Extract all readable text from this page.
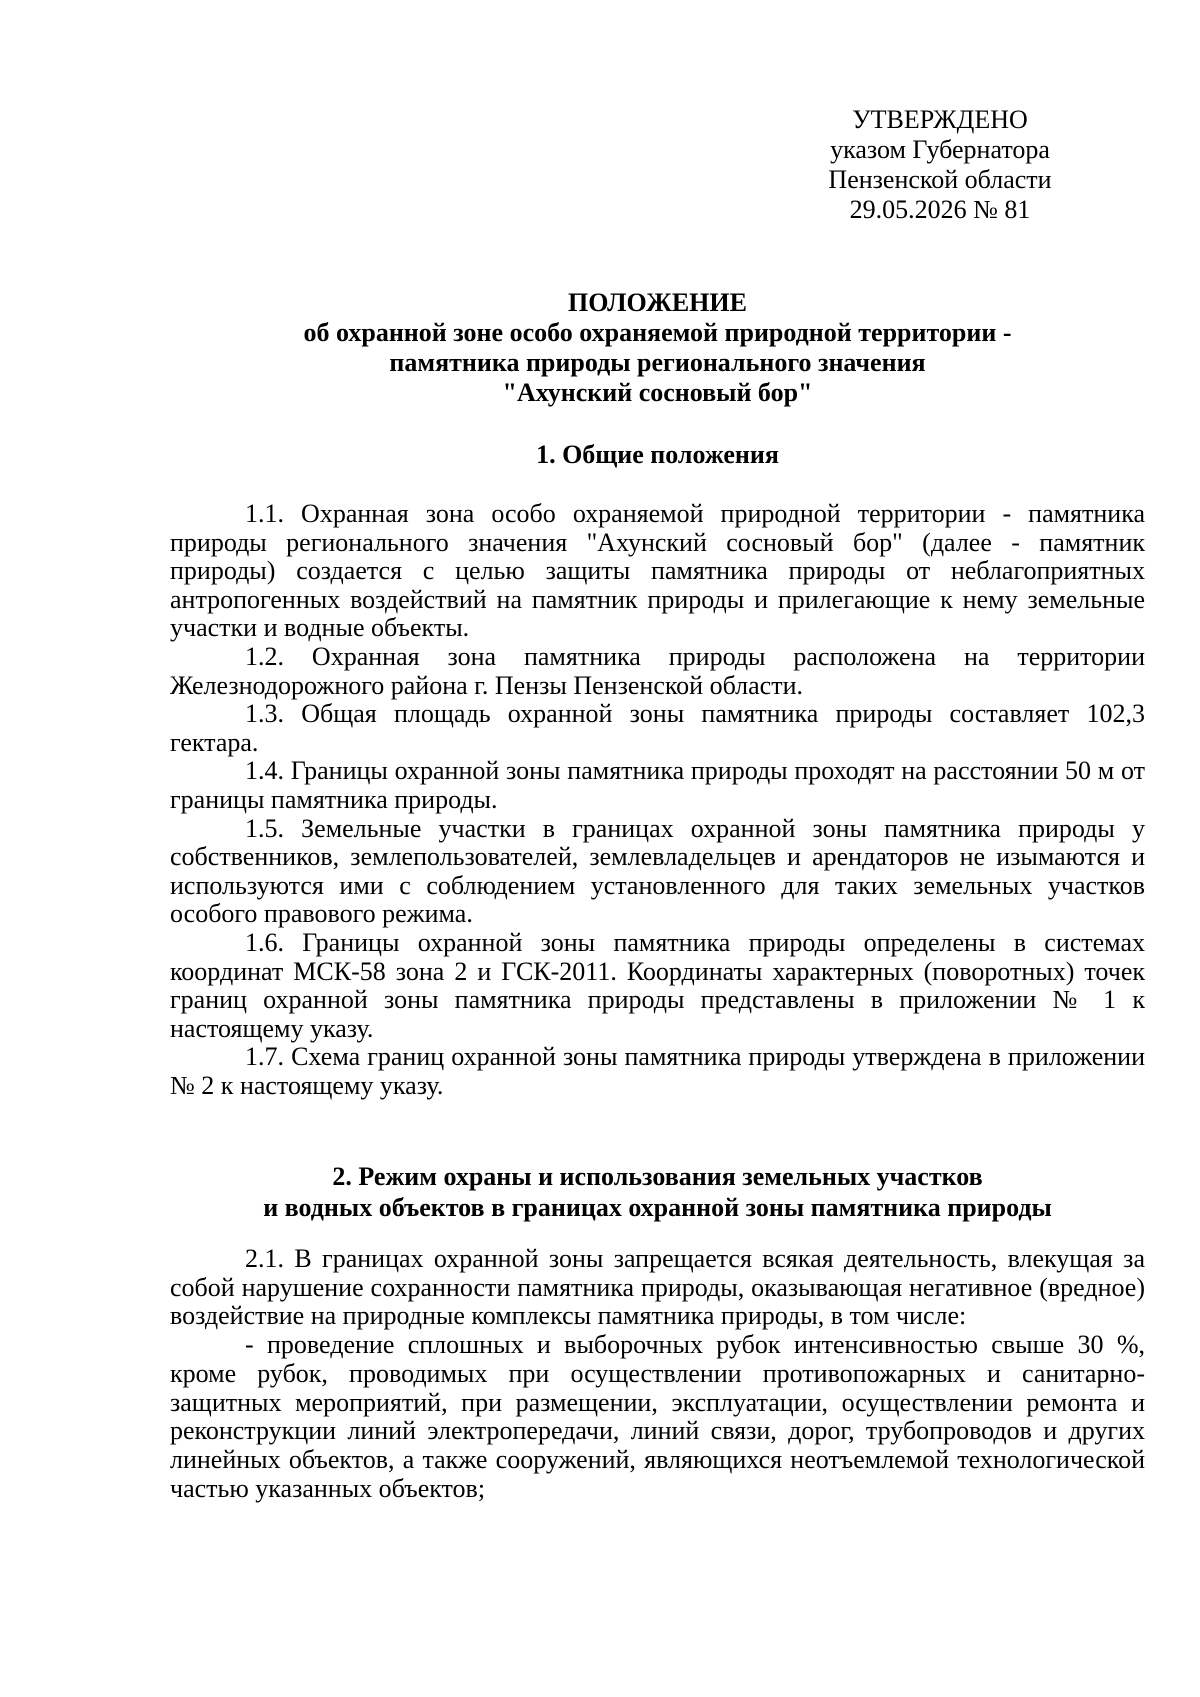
УТВЕРЖДЕНО
указом Губернатора
Пензенской области
29.05.2026 № 81
ПОЛОЖЕНИЕ
об охранной зоне особо охраняемой природной территории -
памятника природы регионального значения
"Ахунский сосновый бор"
1. Общие положения

1.1. Охранная зона особо охраняемой природной территории - памятника природы регионального значения "Ахунский сосновый бор" (далее - памятник природы) создается с целью защиты памятника природы от неблагоприятных антропогенных воздействий на памятник природы и прилегающие к нему земельные участки и водные объекты.

1.2. Охранная зона памятника природы расположена на территории Железнодорожного района г. Пензы Пензенской области.

1.3. Общая площадь охранной зоны памятника природы составляет 102,3 гектара.

1.4. Границы охранной зоны памятника природы проходят на расстоянии 50 м от границы памятника природы.

1.5. Земельные участки в границах охранной зоны памятника природы у собственников, землепользователей, землевладельцев и арендаторов не изымаются и используются ими с соблюдением установленного для таких земельных участков особого правового режима.

1.6. Границы охранной зоны памятника природы определены в системах координат МСК-58 зона 2 и ГСК-2011. Координаты характерных (поворотных) точек границ охранной зоны памятника природы представлены в приложении № 1 к настоящему указу.

1.7. Схема границ охранной зоны памятника природы утверждена в приложении № 2 к настоящему указу.

2. Режим охраны и использования земельных участков
и водных объектов в границах охранной зоны памятника природы

2.1. В границах охранной зоны запрещается всякая деятельность, влекущая за собой нарушение сохранности памятника природы, оказывающая негативное (вредное) воздействие на природные комплексы памятника природы, в том числе:

- проведение сплошных и выборочных рубок интенсивностью свыше 30 %, кроме рубок, проводимых при осуществлении противопожарных и санитарно-защитных мероприятий, при размещении, эксплуатации, осуществлении ремонта и реконструкции линий электропередачи, линий связи, дорог, трубопроводов и других линейных объектов, а также сооружений, являющихся неотъемлемой технологической частью указанных объектов;
